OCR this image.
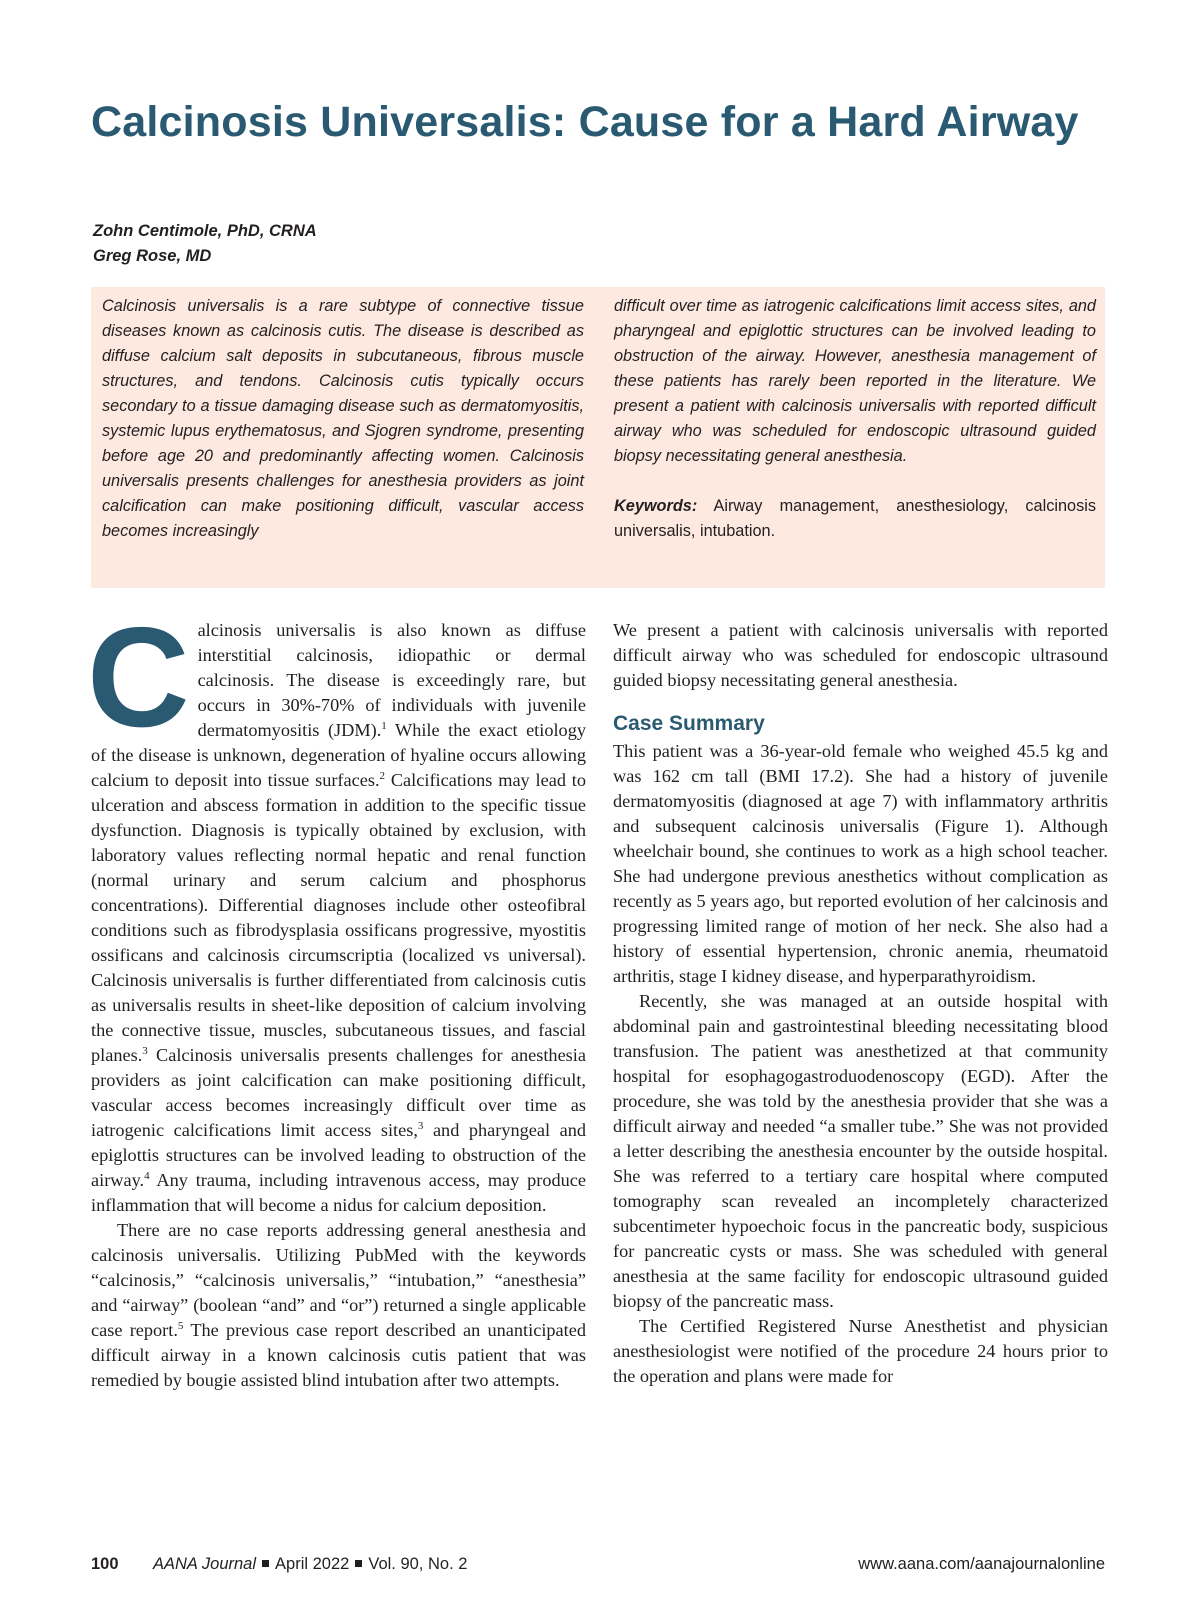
Calcinosis Universalis: Cause for a Hard Airway
Zohn Centimole, PhD, CRNA
Greg Rose, MD

Calcinosis universalis is a rare subtype of connective tissue diseases known as calcinosis cutis. The disease is described as diffuse calcium salt deposits in subcutaneous, fibrous muscle structures, and tendons. Calcinosis cutis typically occurs secondary to a tissue damaging disease such as dermatomyositis, systemic lupus erythematosus, and Sjogren syndrome, presenting before age 20 and predominantly affecting women. Calcinosis universalis presents challenges for anesthesia providers as joint calcification can make positioning difficult, vascular access becomes increasingly

difficult over time as iatrogenic calcifications limit access sites, and pharyngeal and epiglottic structures can be involved leading to obstruction of the airway. However, anesthesia management of these patients has rarely been reported in the literature. We present a patient with calcinosis universalis with reported difficult airway who was scheduled for endoscopic ultrasound guided biopsy necessitating general anesthesia.

Keywords: Airway management, anesthesiology, calcinosis universalis, intubation.

Calcinosis universalis is also known as diffuse interstitial calcinosis, idiopathic or dermal calcinosis. The disease is exceedingly rare, but occurs in 30%-70% of individuals with juvenile dermatomyositis (JDM).$^1$ While the exact etiology of the disease is unknown, degeneration of hyaline occurs allowing calcium to deposit into tissue surfaces.$^2$ Calcifications may lead to ulceration and abscess formation in addition to the specific tissue dysfunction. Diagnosis is typically obtained by exclusion, with laboratory values reflecting normal hepatic and renal function (normal urinary and serum calcium and phosphorus concentrations). Differential diagnoses include other osteofibral conditions such as fibrodysplasia ossificans progressive, myostitis ossificans and calcinosis circumscriptia (localized vs universal). Calcinosis universalis is further differentiated from calcinosis cutis as universalis results in sheet-like deposition of calcium involving the connective tissue, muscles, subcutaneous tissues, and fascial planes.$^3$ Calcinosis universalis presents challenges for anesthesia providers as joint calcification can make positioning difficult, vascular access becomes increasingly difficult over time as iatrogenic calcifications limit access sites,$^3$ and pharyngeal and epiglottis structures can be involved leading to obstruction of the airway.$^4$ Any trauma, including intravenous access, may produce inflammation that will become a nidus for calcium deposition.

There are no case reports addressing general anesthesia and calcinosis universalis. Utilizing PubMed with the keywords “calcinosis,” “calcinosis universalis,” “intubation,” “anesthesia” and “airway” (boolean “and” and “or”) returned a single applicable case report.$^5$ The previous case report described an unanticipated difficult airway in a known calcinosis cutis patient that was remedied by bougie assisted blind intubation after two attempts.

We present a patient with calcinosis universalis with reported difficult airway who was scheduled for endoscopic ultrasound guided biopsy necessitating general anesthesia.

Case Summary

This patient was a 36-year-old female who weighed 45.5 kg and was 162 cm tall (BMI 17.2). She had a history of juvenile dermatomyositis (diagnosed at age 7) with inflammatory arthritis and subsequent calcinosis universalis (Figure 1). Although wheelchair bound, she continues to work as a high school teacher. She had undergone previous anesthetics without complication as recently as 5 years ago, but reported evolution of her calcinosis and progressing limited range of motion of her neck. She also had a history of essential hypertension, chronic anemia, rheumatoid arthritis, stage I kidney disease, and hyperparathyroidism.

Recently, she was managed at an outside hospital with abdominal pain and gastrointestinal bleeding necessitating blood transfusion. The patient was anesthetized at that community hospital for esophagogastroduodenoscopy (EGD). After the procedure, she was told by the anesthesia provider that she was a difficult airway and needed “a smaller tube.” She was not provided a letter describing the anesthesia encounter by the outside hospital. She was referred to a tertiary care hospital where computed tomography scan revealed an incompletely characterized subcentimeter hypoechoic focus in the pancreatic body, suspicious for pancreatic cysts or mass. She was scheduled with general anesthesia at the same facility for endoscopic ultrasound guided biopsy of the pancreatic mass.

The Certified Registered Nurse Anesthetist and physician anesthesiologist were notified of the procedure 24 hours prior to the operation and plans were made for

100 AANA Journal April 2022 Vol. 90, No. 2	www.aana.com/aanajournalonline
